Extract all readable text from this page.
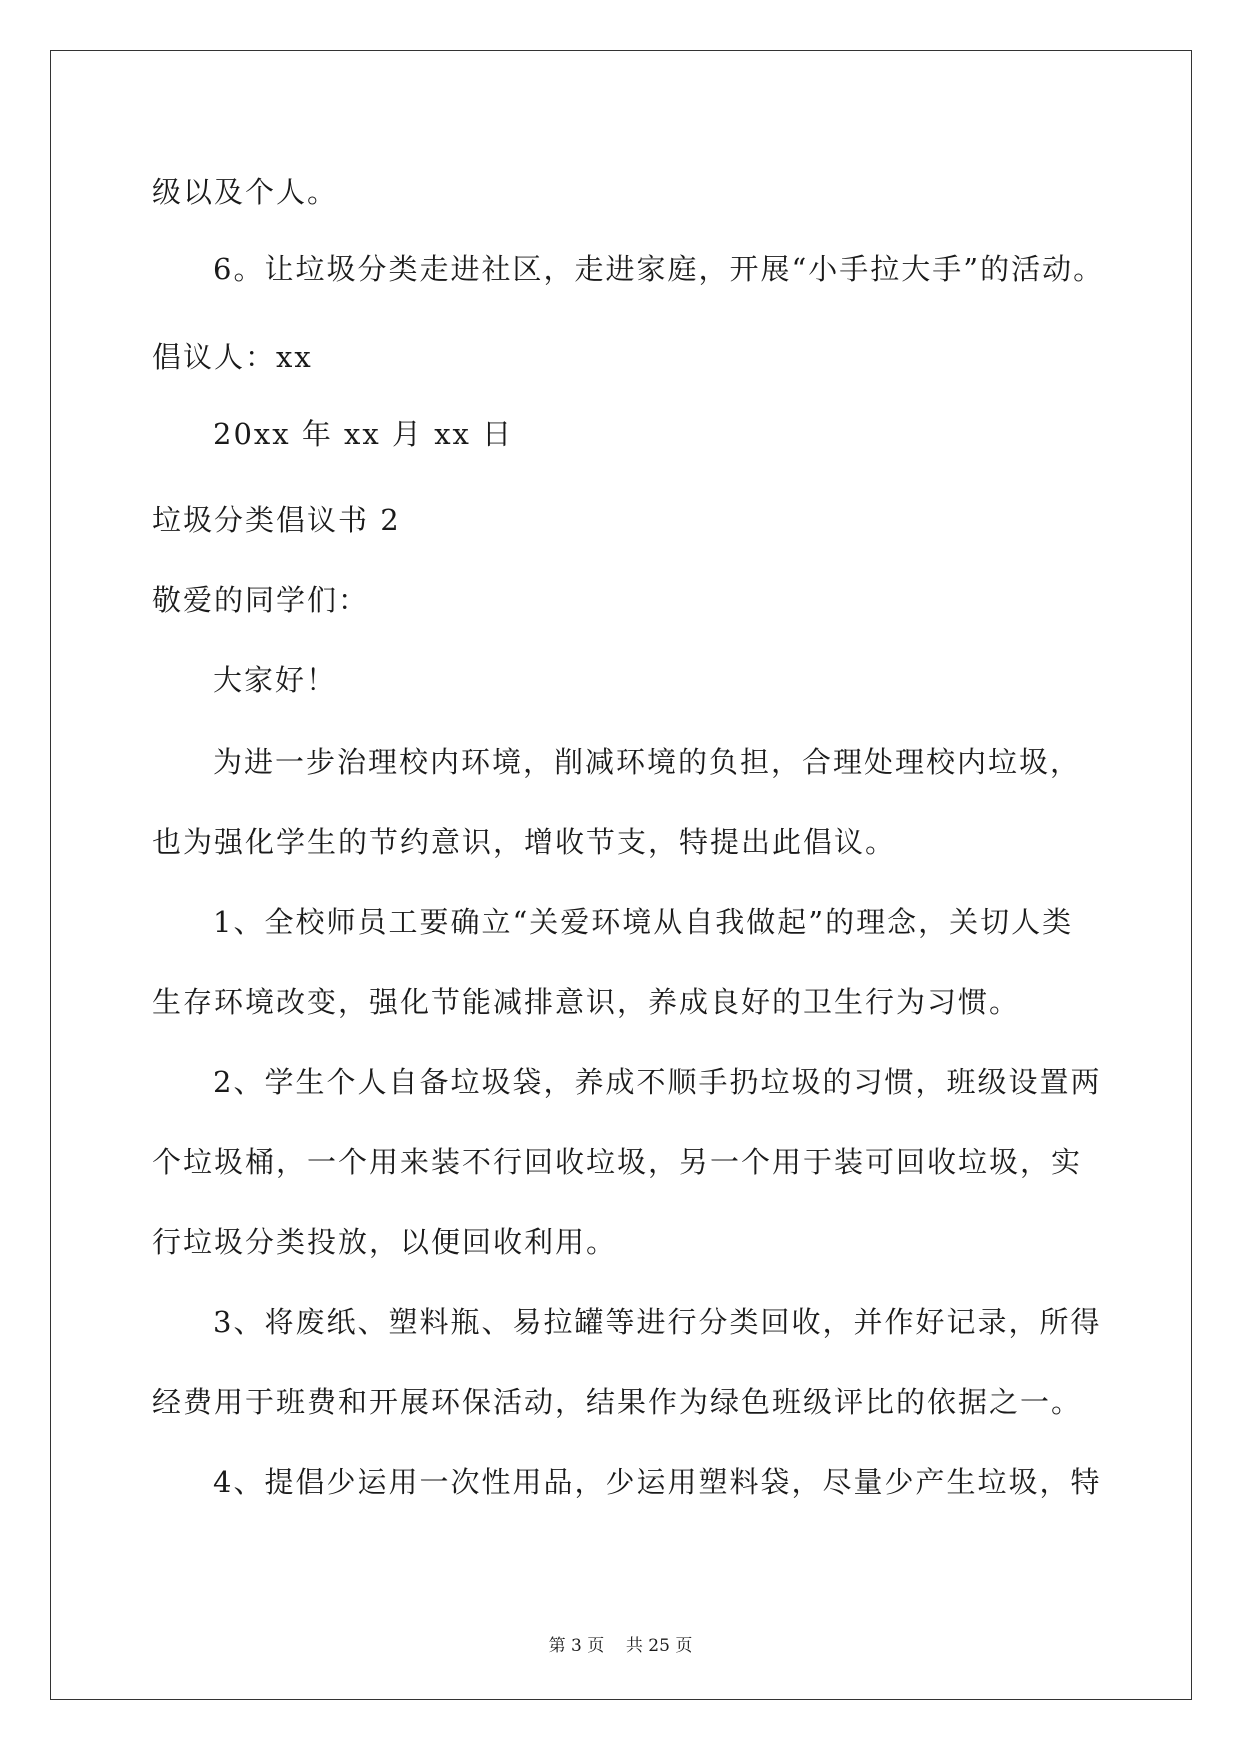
级以及个人。
6。让垃圾分类走进社区，走进家庭，开展“小手拉大手”的活动。
倡议人：xx
20xx 年 xx 月 xx 日
垃圾分类倡议书 2
敬爱的同学们：
大家好！
为进一步治理校内环境，削减环境的负担，合理处理校内垃圾，
也为强化学生的节约意识，增收节支，特提出此倡议。
1、全校师员工要确立“关爱环境从自我做起”的理念，关切人类
生存环境改变，强化节能减排意识，养成良好的卫生行为习惯。
2、学生个人自备垃圾袋，养成不顺手扔垃圾的习惯，班级设置两
个垃圾桶，一个用来装不行回收垃圾，另一个用于装可回收垃圾，实
行垃圾分类投放，以便回收利用。
3、将废纸、塑料瓶、易拉罐等进行分类回收，并作好记录，所得
经费用于班费和开展环保活动，结果作为绿色班级评比的依据之一。
4、提倡少运用一次性用品，少运用塑料袋，尽量少产生垃圾，特
第 3 页    共 25 页
